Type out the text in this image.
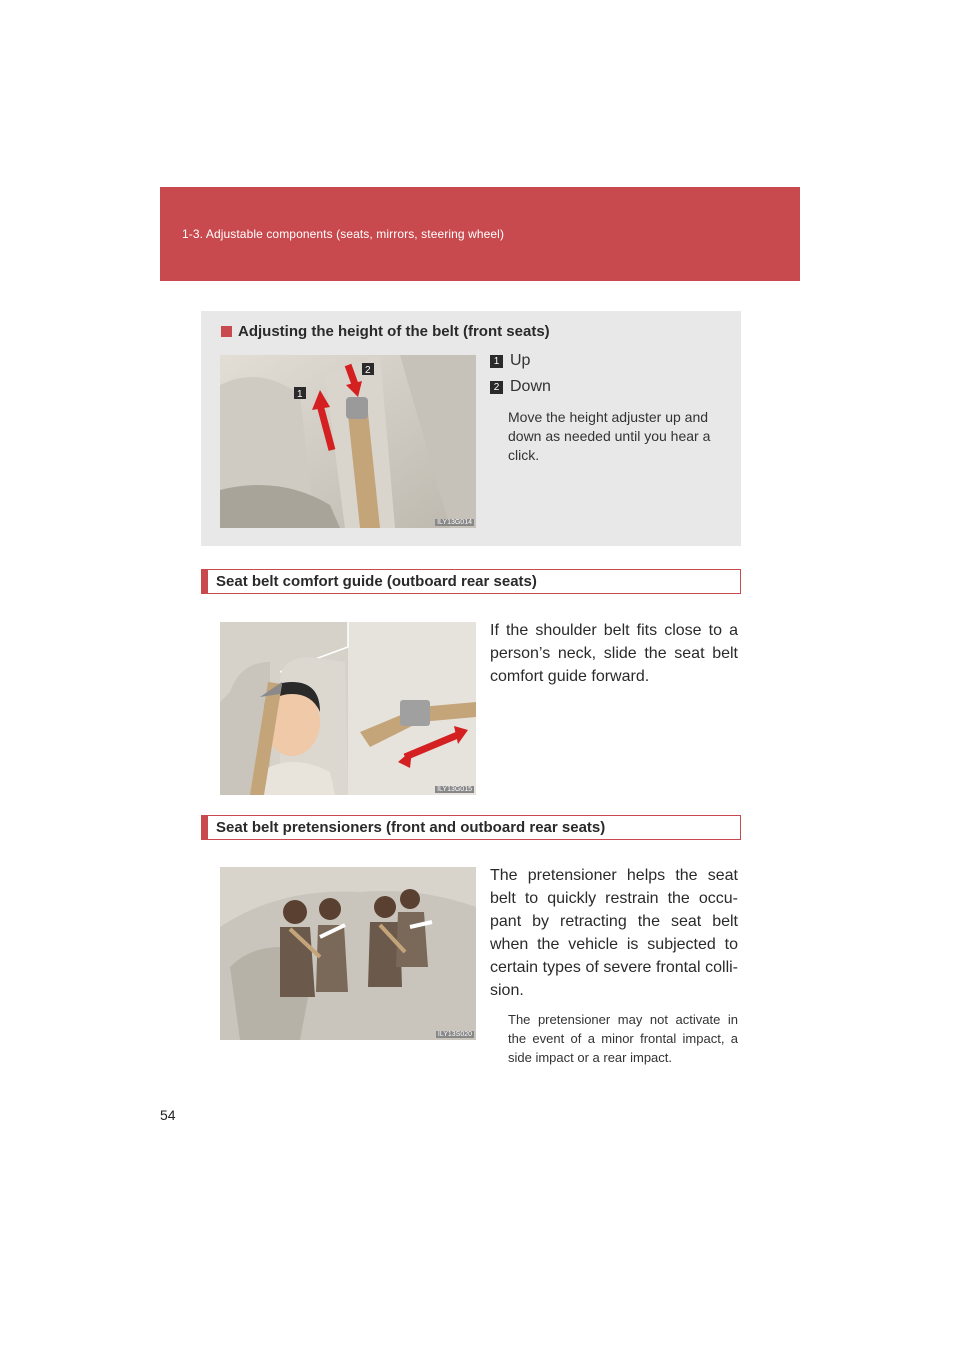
1-3. Adjustable components (seats, mirrors, steering wheel)
Adjusting the height of the belt (front seats)
1
2
ILY13G014
1 Up
2 Down
Move the height adjuster up and
down as needed until you hear a
click.
Seat belt comfort guide (outboard rear seats)
ILY13G015
If the shoulder belt fits close to a person’s neck, slide the seat belt comfort guide forward.
Seat belt pretensioners (front and outboard rear seats)
ILY13S020
The pretensioner helps the seat belt to quickly restrain the occu- pant by retracting the seat belt when the vehicle is subjected to certain types of severe frontal colli- sion.
The pretensioner may not activate in the event of a minor frontal impact, a side impact or a rear impact.
54
